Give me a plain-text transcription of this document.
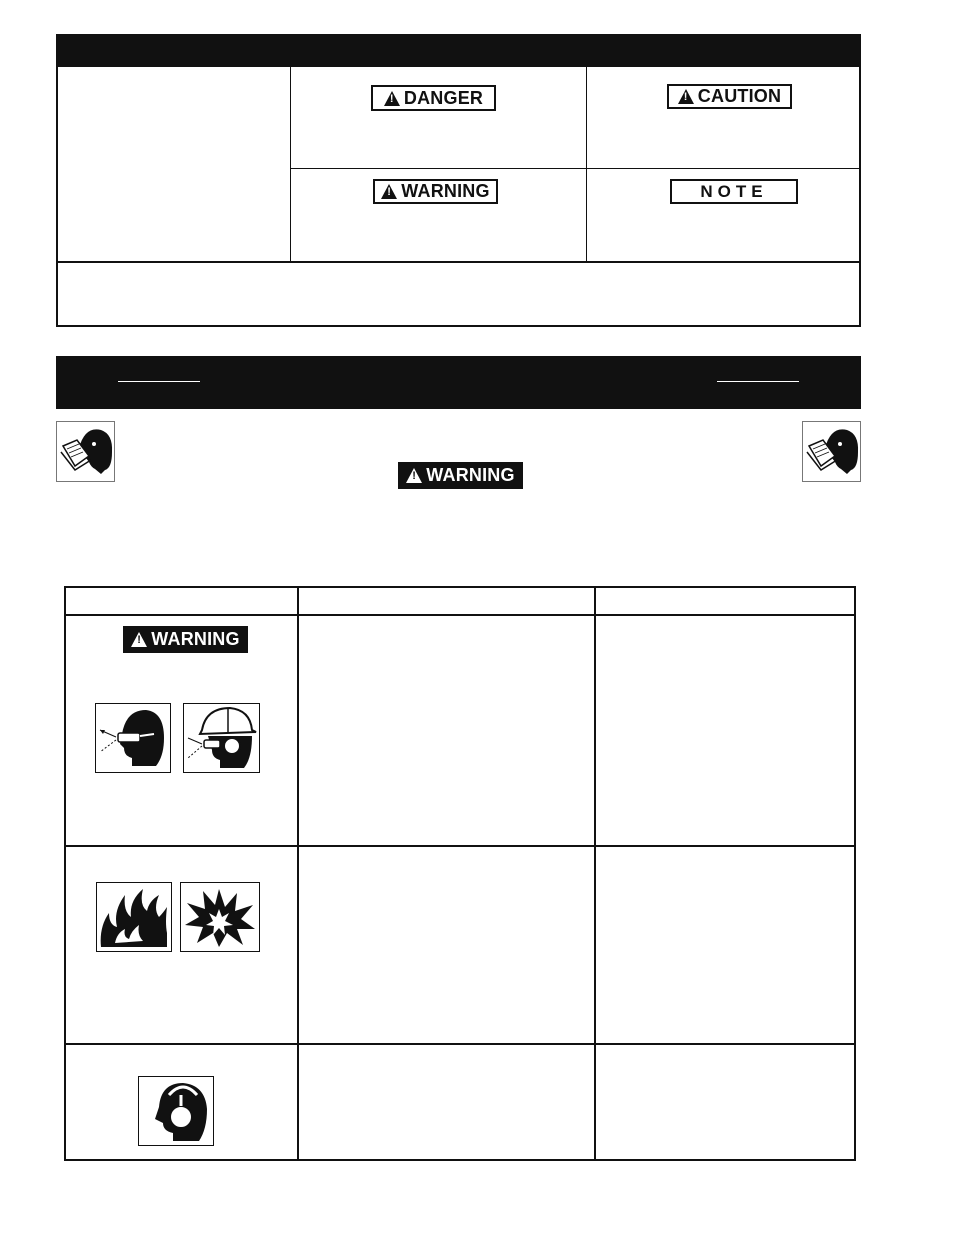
!
DANGER
!	CAUTION
!
WARNING	NOTE
!
WARNING
!
WARNING
